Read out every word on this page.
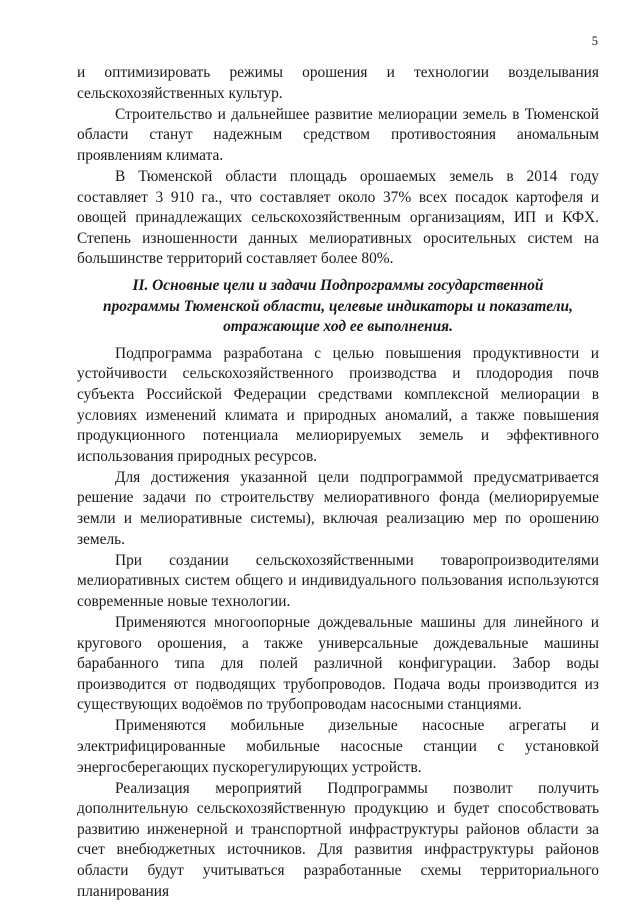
5

и оптимизировать режимы орошения и технологии возделывания сельскохозяйственных культур.

Строительство и дальнейшее развитие мелиорации земель в Тюменской области станут надежным средством противостояния аномальным проявлениям климата.

В Тюменской области площадь орошаемых земель в 2014 году составляет 3 910 га., что составляет около 37% всех посадок картофеля и овощей принадлежащих сельскохозяйственным организациям, ИП и КФХ. Степень изношенности данных мелиоративных оросительных систем на большинстве территорий составляет более 80%.

II. Основные цели и задачи Подпрограммы государственной
программы Тюменской области, целевые индикаторы и показатели,
отражающие ход ее выполнения.

Подпрограмма разработана с целью повышения продуктивности и устойчивости сельскохозяйственного производства и плодородия почв субъекта Российской Федерации средствами комплексной мелиорации в условиях изменений климата и природных аномалий, а также повышения продукционного потенциала мелиорируемых земель и эффективного использования природных ресурсов.

Для достижения указанной цели подпрограммой предусматривается решение задачи по строительству мелиоративного фонда (мелиорируемые земли и мелиоративные системы), включая реализацию мер по орошению земель.

При создании сельскохозяйственными товаропроизводителями мелиоративных систем общего и индивидуального пользования используются современные новые технологии.

Применяются многоопорные дождевальные машины для линейного и кругового орошения, а также универсальные дождевальные машины барабанного типа для полей различной конфигурации. Забор воды производится от подводящих трубопроводов. Подача воды производится из существующих водоёмов по трубопроводам насосными станциями.

Применяются мобильные дизельные насосные агрегаты и электрифицированные мобильные насосные станции с установкой энергосберегающих пускорегулирующих устройств.

Реализация мероприятий Подпрограммы позволит получить дополнительную сельскохозяйственную продукцию и будет способствовать развитию инженерной и транспортной инфраструктуры районов области за счет внебюджетных источников. Для развития инфраструктуры районов области будут учитываться разработанные схемы территориального планирования
